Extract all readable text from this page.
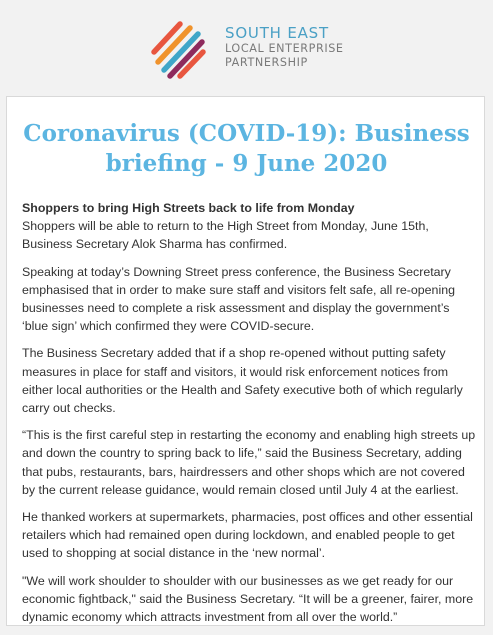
SOUTH EAST
LOCAL ENTERPRISE
PARTNERSHIP
Coronavirus (COVID-19): Business
briefing - 9 June 2020

Shoppers to bring High Streets back to life from Monday
Shoppers will be able to return to the High Street from Monday, June 15th, Business Secretary Alok Sharma has confirmed.

Speaking at today’s Downing Street press conference, the Business Secretary emphasised that in order to make sure staff and visitors felt safe, all re-opening businesses need to complete a risk assessment and display the government’s ‘blue sign’ which confirmed they were COVID-secure.

The Business Secretary added that if a shop re-opened without putting safety measures in place for staff and visitors, it would risk enforcement notices from either local authorities or the Health and Safety executive both of which regularly carry out checks.

“This is the first careful step in restarting the economy and enabling high streets up and down the country to spring back to life,” said the Business Secretary, adding that pubs, restaurants, bars, hairdressers and other shops which are not covered by the current release guidance, would remain closed until July 4 at the earliest.

He thanked workers at supermarkets, pharmacies, post offices and other essential retailers which had remained open during lockdown, and enabled people to get used to shopping at social distance in the ‘new normal’.

"We will work shoulder to shoulder with our businesses as we get ready for our economic fightback," said the Business Secretary. “It will be a greener, fairer, more dynamic economy which attracts investment from all over the world.”
